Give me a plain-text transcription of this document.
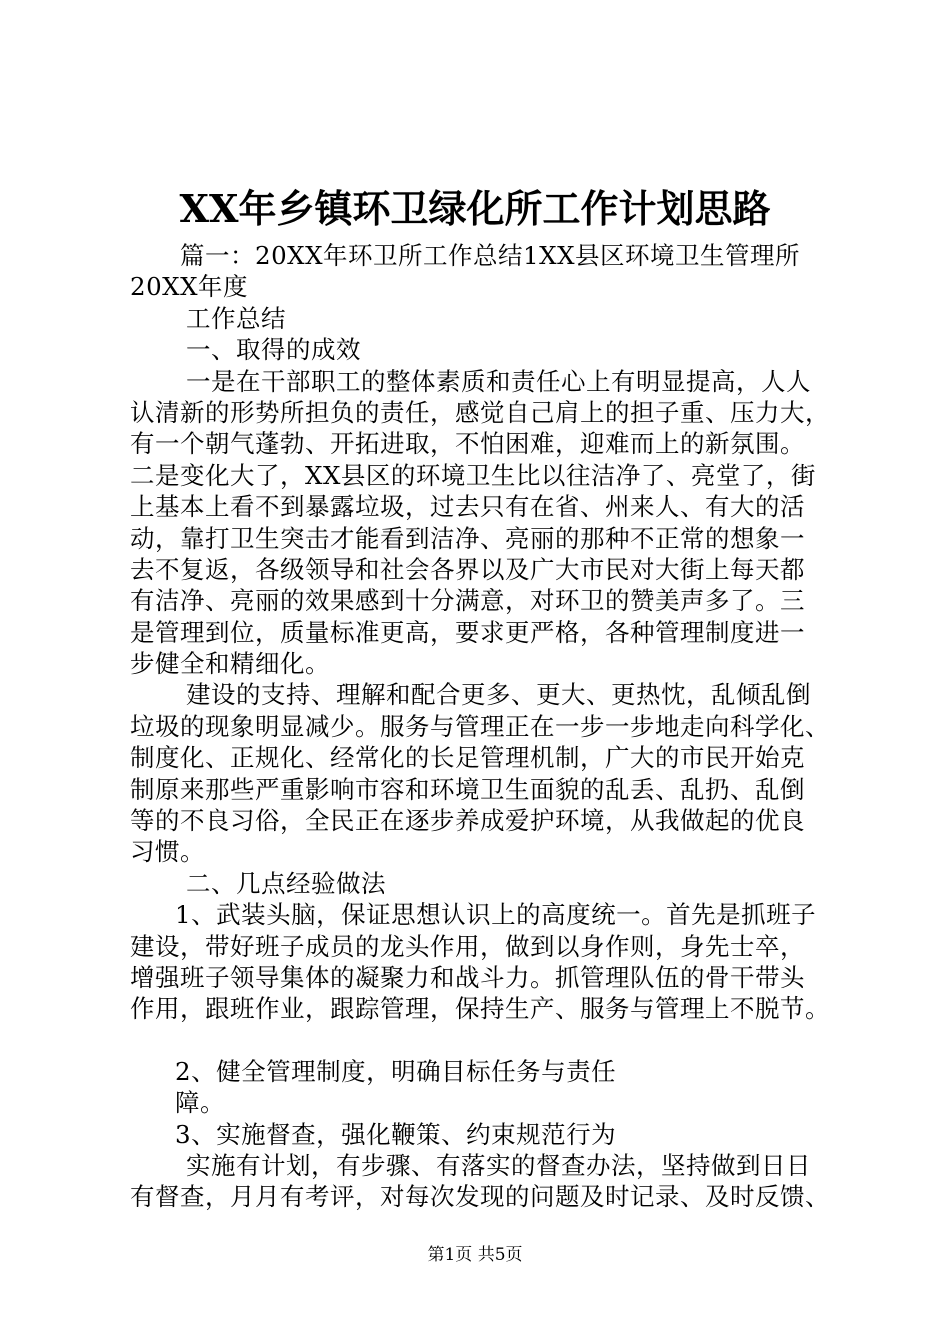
XX年乡镇环卫绿化所工作计划思路
篇一：20XX年环卫所工作总结1XX县区环境卫生管理所
20XX年度
工作总结
一、取得的成效
一是在干部职工的整体素质和责任心上有明显提高，人人
认清新的形势所担负的责任，感觉自己肩上的担子重、压力大，
有一个朝气蓬勃、开拓进取，不怕困难，迎难而上的新氛围。
二是变化大了，XX县区的环境卫生比以往洁净了、亮堂了，街
上基本上看不到暴露垃圾，过去只有在省、州来人、有大的活
动，靠打卫生突击才能看到洁净、亮丽的那种不正常的想象一
去不复返，各级领导和社会各界以及广大市民对大街上每天都
有洁净、亮丽的效果感到十分满意，对环卫的赞美声多了。三
是管理到位，质量标准更高，要求更严格，各种管理制度进一
步健全和精细化。
建设的支持、理解和配合更多、更大、更热忱，乱倾乱倒
垃圾的现象明显减少。服务与管理正在一步一步地走向科学化、
制度化、正规化、经常化的长足管理机制，广大的市民开始克
制原来那些严重影响市容和环境卫生面貌的乱丢、乱扔、乱倒
等的不良习俗，全民正在逐步养成爱护环境，从我做起的优良
习惯。
二、几点经验做法
1、武装头脑，保证思想认识上的高度统一。首先是抓班子
建设，带好班子成员的龙头作用，做到以身作则，身先士卒，
增强班子领导集体的凝聚力和战斗力。抓管理队伍的骨干带头
作用，跟班作业，跟踪管理，保持生产、服务与管理上不脱节。
2、健全管理制度，明确目标任务与责任
障。
3、实施督查，强化鞭策、约束规范行为
实施有计划，有步骤、有落实的督查办法，坚持做到日日
有督查，月月有考评，对每次发现的问题及时记录、及时反馈、
第1页 共5页
